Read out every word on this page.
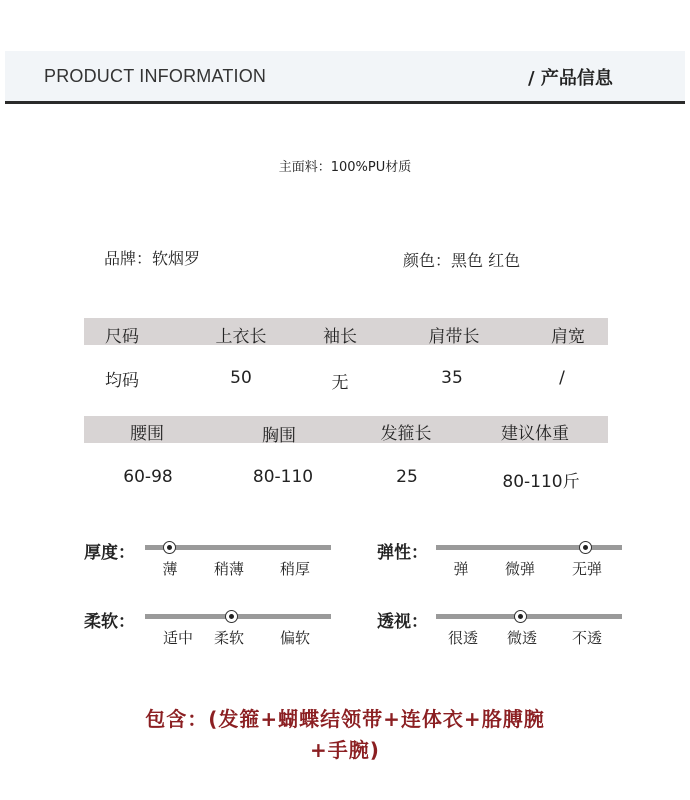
PRODUCT INFORMATION	/ 产品信息
主面料：100%PU材质
品牌：软烟罗	颜色：黑色 红色
尺码	上衣长	袖长	肩带长	肩宽
均码	50	无	35	/
腰围	胸围	发箍长	建议体重
60-98	80-110	25	80-110斤
厚度：
薄 稍薄 稍厚
弹性：
弹 微弹 无弹
柔软：
适中 柔软 偏软
透视：
很透 微透 不透
包含：(发箍+蝴蝶结领带+连体衣+胳膊腕
+手腕)
